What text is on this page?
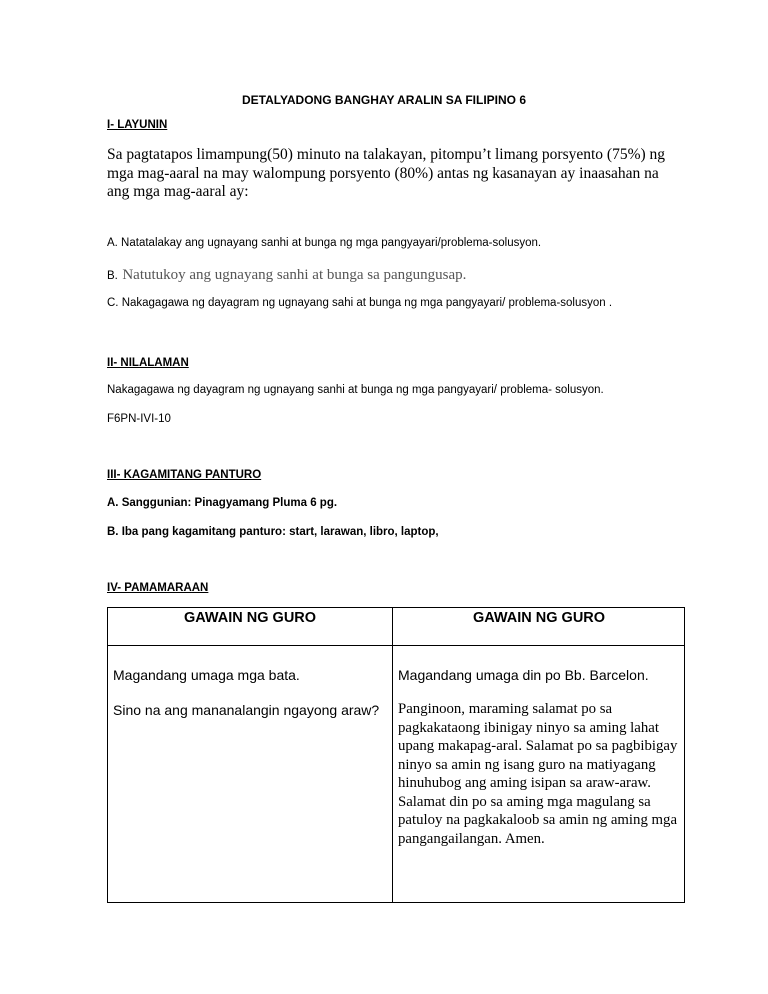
DETALYADONG BANGHAY ARALIN SA FILIPINO 6
I- LAYUNIN
Sa pagtatapos limampung(50) minuto na talakayan, pitompu’t limang porsyento (75%) ng mga mag-aaral na may walompung porsyento (80%) antas ng kasanayan ay inaasahan na ang mga mag-aaral ay:
A. Natatalakay ang ugnayang sanhi at bunga ng mga pangyayari/problema-solusyon.
B. Natutukoy ang ugnayang sanhi at bunga sa pangungusap.
C. Nakagagawa ng dayagram ng ugnayang sahi at bunga ng mga pangyayari/ problema-solusyon .
II- NILALAMAN
Nakagagawa ng dayagram ng ugnayang sanhi at bunga ng mga pangyayari/ problema- solusyon.
F6PN-IVI-10
III- KAGAMITANG PANTURO
A. Sanggunian: Pinagyamang Pluma 6 pg.
B. Iba pang kagamitang panturo: start, larawan, libro, laptop,
IV- PAMAMARAAN
GAWAIN NG GURO	GAWAIN NG GURO
Magandang umaga mga bata.	Magandang umaga din po Bb. Barcelon.
Sino na ang mananalangin ngayong araw? Panginoon, maraming salamat po sa pagkakataong ibinigay ninyo sa aming lahat upang makapag-aral. Salamat po sa pagbibigay ninyo sa amin ng isang guro na matiyagang hinuhubog ang aming isipan sa araw-araw. Salamat din po sa aming mga magulang sa patuloy na pagkakaloob sa amin ng aming mga pangangailangan. Amen.
